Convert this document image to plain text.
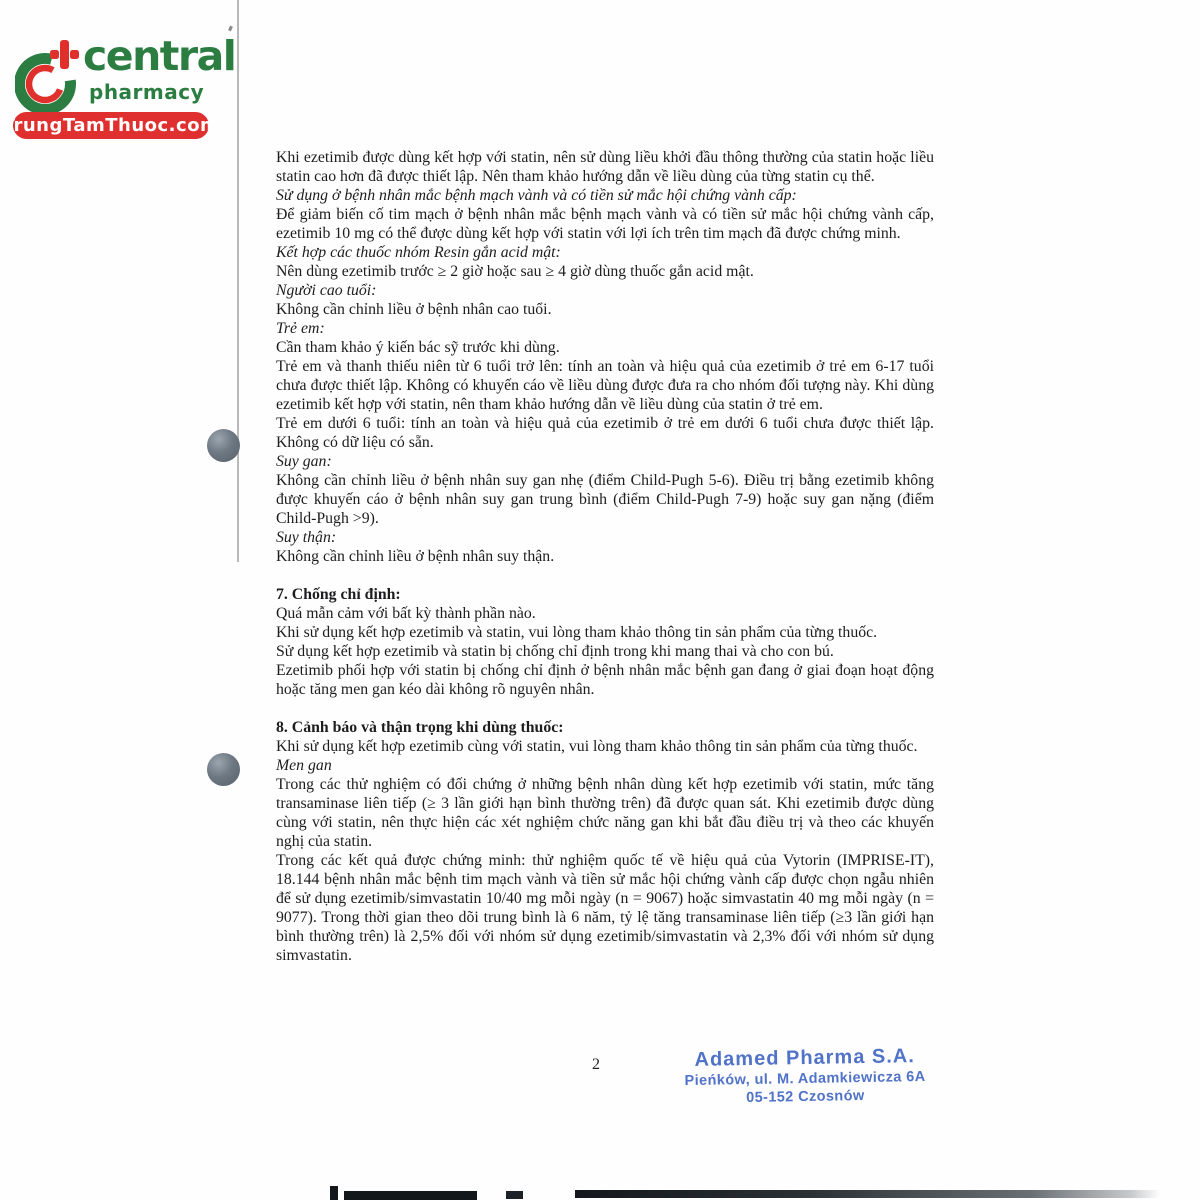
central
pharmacy
TrungTamThuoc.com

Khi ezetimib được dùng kết hợp với statin, nên sử dùng liều khởi đầu thông thường của statin hoặc liều statin cao hơn đã được thiết lập. Nên tham khảo hướng dẫn về liều dùng của từng statin cụ thể.

Sử dụng ở bệnh nhân mắc bệnh mạch vành và có tiền sử mắc hội chứng vành cấp:

Để giảm biến cố tim mạch ở bệnh nhân mắc bệnh mạch vành và có tiền sử mắc hội chứng vành cấp, ezetimib 10 mg có thể được dùng kết hợp với statin với lợi ích trên tim mạch đã được chứng minh.

Kết hợp các thuốc nhóm Resin gắn acid mật:

Nên dùng ezetimib trước ≥ 2 giờ hoặc sau ≥ 4 giờ dùng thuốc gắn acid mật.

Người cao tuổi:

Không cần chỉnh liều ở bệnh nhân cao tuổi.

Trẻ em:

Cần tham khảo ý kiến bác sỹ trước khi dùng.

Trẻ em và thanh thiếu niên từ 6 tuổi trở lên: tính an toàn và hiệu quả của ezetimib ở trẻ em 6-17 tuổi chưa được thiết lập. Không có khuyến cáo về liều dùng được đưa ra cho nhóm đối tượng này. Khi dùng ezetimib kết hợp với statin, nên tham khảo hướng dẫn về liều dùng của statin ở trẻ em.

Trẻ em dưới 6 tuổi: tính an toàn và hiệu quả của ezetimib ở trẻ em dưới 6 tuổi chưa được thiết lập. Không có dữ liệu có sẵn.

Suy gan:

Không cần chỉnh liều ở bệnh nhân suy gan nhẹ (điểm Child-Pugh 5-6). Điều trị bằng ezetimib không được khuyến cáo ở bệnh nhân suy gan trung bình (điểm Child-Pugh 7-9) hoặc suy gan nặng (điểm Child-Pugh >9).

Suy thận:

Không cần chỉnh liều ở bệnh nhân suy thận.

7. Chống chỉ định:

Quá mẫn cảm với bất kỳ thành phần nào.

Khi sử dụng kết hợp ezetimib và statin, vui lòng tham khảo thông tin sản phẩm của từng thuốc.

Sử dụng kết hợp ezetimib và statin bị chống chỉ định trong khi mang thai và cho con bú.

Ezetimib phối hợp với statin bị chống chỉ định ở bệnh nhân mắc bệnh gan đang ở giai đoạn hoạt động hoặc tăng men gan kéo dài không rõ nguyên nhân.

8. Cảnh báo và thận trọng khi dùng thuốc:

Khi sử dụng kết hợp ezetimib cùng với statin, vui lòng tham khảo thông tin sản phẩm của từng thuốc.

Men gan

Trong các thử nghiệm có đối chứng ở những bệnh nhân dùng kết hợp ezetimib với statin, mức tăng transaminase liên tiếp (≥ 3 lần giới hạn bình thường trên) đã được quan sát. Khi ezetimib được dùng cùng với statin, nên thực hiện các xét nghiệm chức năng gan khi bắt đầu điều trị và theo các khuyến nghị của statin.

Trong các kết quả được chứng minh: thử nghiệm quốc tế về hiệu quả của Vytorin (IMPRISE-IT), 18.144 bệnh nhân mắc bệnh tim mạch vành và tiền sử mắc hội chứng vành cấp được chọn ngẫu nhiên để sử dụng ezetimib/simvastatin 10/40 mg mỗi ngày (n = 9067) hoặc simvastatin 40 mg mỗi ngày (n = 9077). Trong thời gian theo dõi trung bình là 6 năm, tỷ lệ tăng transaminase liên tiếp (≥3 lần giới hạn bình thường trên) là 2,5% đối với nhóm sử dụng ezetimib/simvastatin và 2,3% đối với nhóm sử dụng simvastatin.

2	Adamed Pharma S.A.
Pieńków, ul. M. Adamkiewicza 6A
05-152 Czosnów
